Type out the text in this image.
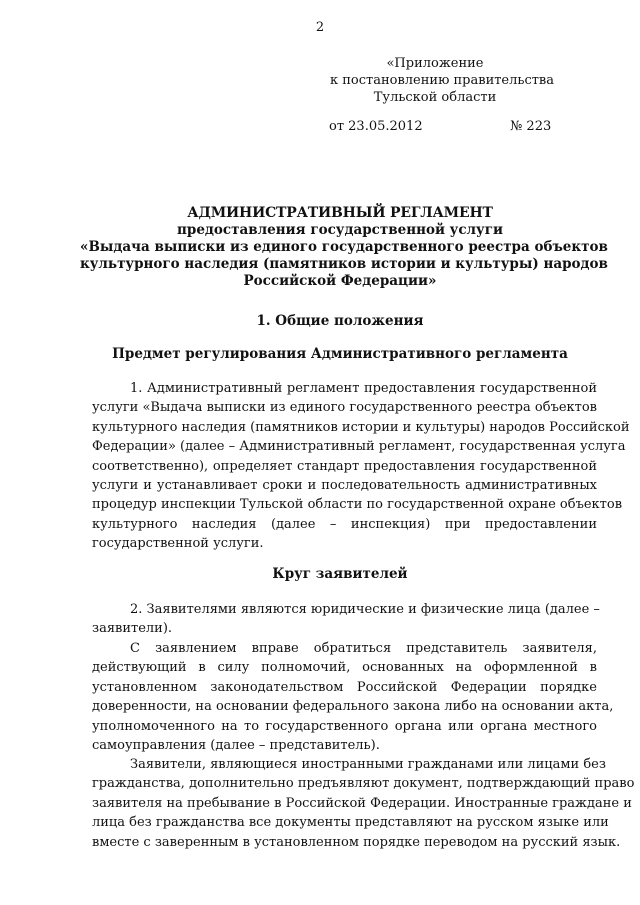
2
«Приложение
к постановлению правительства
Тульской области
от 23.05.2012	№ 223
АДМИНИСТРАТИВНЫЙ РЕГЛАМЕНТ
предоставления государственной услуги
«Выдача выписки из единого государственного реестра объектов
культурного наследия (памятников истории и культуры) народов
Российской Федерации»
1. Общие положения
Предмет регулирования Административного регламента
1. Административный регламент предоставления государственной
услуги «Выдача выписки из единого государственного реестра объектов
культурного наследия (памятников истории и культуры) народов Российской
Федерации» (далее – Административный регламент, государственная услуга
соответственно), определяет стандарт предоставления государственной
услуги и устанавливает сроки и последовательность административных
процедур инспекции Тульской области по государственной охране объектов
культурного наследия (далее – инспекция) при предоставлении
государственной услуги.
Круг заявителей
2. Заявителями являются юридические и физические лица (далее –
заявители).
С заявлением вправе обратиться представитель заявителя,
действующий в силу полномочий, основанных на оформленной в
установленном законодательством Российской Федерации порядке
доверенности, на основании федерального закона либо на основании акта,
уполномоченного на то государственного органа или органа местного
самоуправления (далее – представитель).
Заявители, являющиеся иностранными гражданами или лицами без
гражданства, дополнительно предъявляют документ, подтверждающий право
заявителя на пребывание в Российской Федерации. Иностранные граждане и
лица без гражданства все документы представляют на русском языке или
вместе с заверенным в установленном порядке переводом на русский язык.
